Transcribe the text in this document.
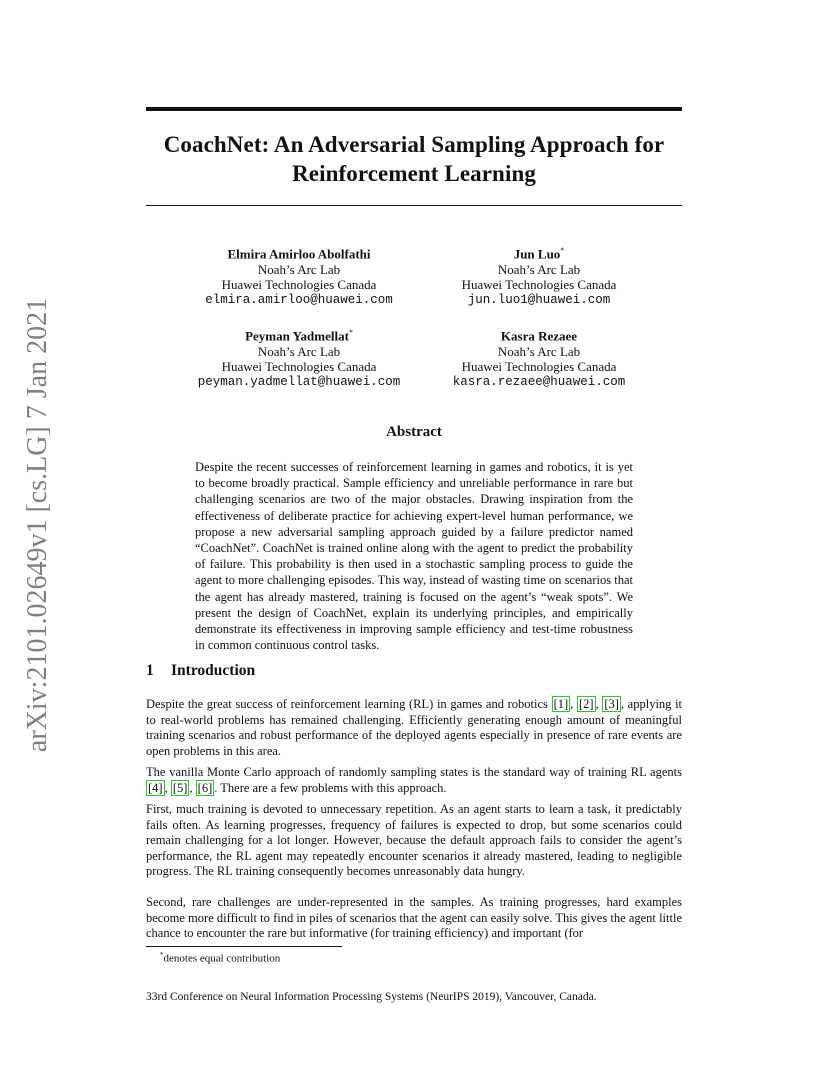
arXiv:2101.02649v1 [cs.LG] 7 Jan 2021
CoachNet: An Adversarial Sampling Approach for
Reinforcement Learning
Elmira Amirloo Abolfathi
Noah’s Arc Lab
Huawei Technologies Canada
elmira.amirloo@huawei.com
Jun Luo*
Noah’s Arc Lab
Huawei Technologies Canada
jun.luo1@huawei.com
Peyman Yadmellat*
Noah’s Arc Lab
Huawei Technologies Canada
peyman.yadmellat@huawei.com
Kasra Rezaee
Noah’s Arc Lab
Huawei Technologies Canada
kasra.rezaee@huawei.com
Abstract
Despite the recent successes of reinforcement learning in games and robotics, it is yet to become broadly practical. Sample efficiency and unreliable performance in rare but challenging scenarios are two of the major obstacles. Drawing inspiration from the effectiveness of deliberate practice for achieving expert-level human performance, we propose a new adversarial sampling approach guided by a failure predictor named “CoachNet”. CoachNet is trained online along with the agent to predict the probability of failure. This probability is then used in a stochastic sampling process to guide the agent to more challenging episodes. This way, instead of wasting time on scenarios that the agent has already mastered, training is focused on the agent’s “weak spots”. We present the design of CoachNet, explain its underlying principles, and empirically demonstrate its effectiveness in improving sample efficiency and test-time robustness in common continuous control tasks.
1 Introduction

Despite the great success of reinforcement learning (RL) in games and robotics [1] , [2] , [3] , applying it to real-world problems has remained challenging. Efficiently generating enough amount of meaningful training scenarios and robust performance of the deployed agents especially in presence of rare events are open problems in this area.

The vanilla Monte Carlo approach of randomly sampling states is the standard way of training RL agents [4] , [5] , [6] . There are a few problems with this approach.

First, much training is devoted to unnecessary repetition. As an agent starts to learn a task, it predictably fails often. As learning progresses, frequency of failures is expected to drop, but some scenarios could remain challenging for a lot longer. However, because the default approach fails to consider the agent’s performance, the RL agent may repeatedly encounter scenarios it already mastered, leading to negligible progress. The RL training consequently becomes unreasonably data hungry.

Second, rare challenges are under-represented in the samples. As training progresses, hard examples become more difficult to find in piles of scenarios that the agent can easily solve. This gives the agent little chance to encounter the rare but informative (for training efficiency) and important (for

*denotes equal contribution
33rd Conference on Neural Information Processing Systems (NeurIPS 2019), Vancouver, Canada.
